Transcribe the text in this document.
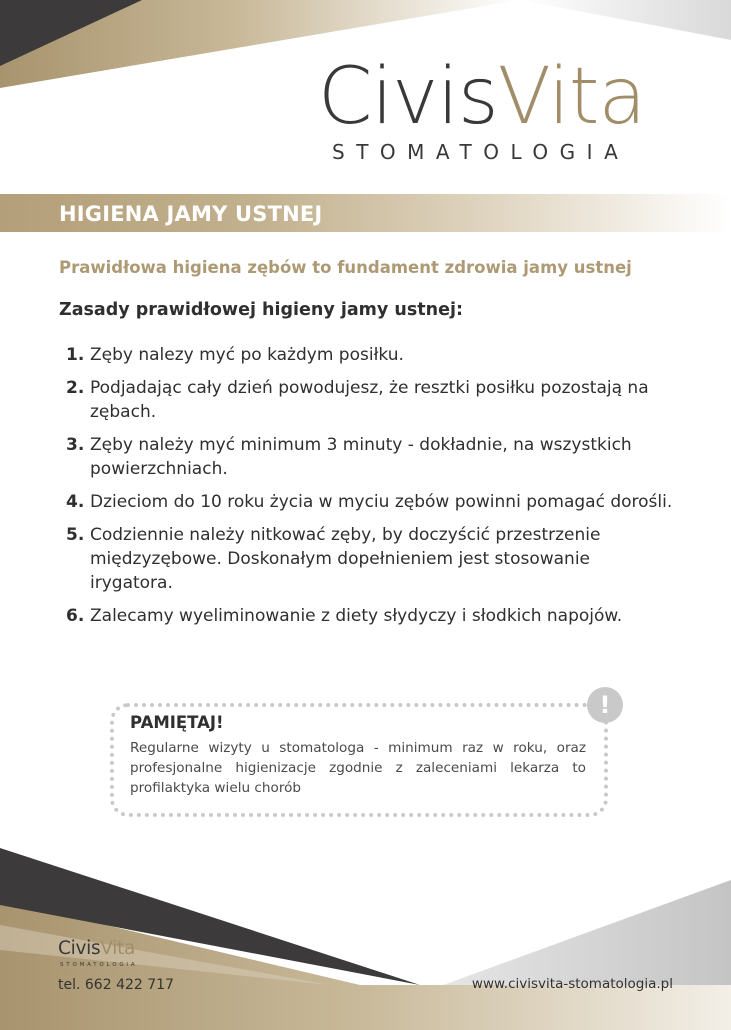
CivisVita
STOMATOLOGIA
HIGIENA JAMY USTNEJ
Prawidłowa higiena zębów to fundament zdrowia jamy ustnej
Zasady prawidłowej higieny jamy ustnej:
1. Zęby nalezy myć po każdym posiłku.
2. Podjadając cały dzień powodujesz, że resztki posiłku pozostają na zębach.
3. Zęby należy myć minimum 3 minuty - dokładnie, na wszystkich powierzchniach.
4. Dzieciom do 10 roku życia w myciu zębów powinni pomagać dorośli.
5. Codziennie należy nitkować zęby, by doczyścić przestrzenie międzyzębowe. Doskonałym dopełnieniem jest stosowanie irygatora.
6. Zalecamy wyeliminowanie z diety słydyczy i słodkich napojów.
!
PAMIĘTAJ!
Regularne wizyty u stomatologa - minimum raz w roku, oraz profesjonalne higienizacje zgodnie z zaleceniami lekarza to profilaktyka wielu chorób
CivisVita
STOMATOLOGIA
tel. 662 422 717	www.civisvita-stomatologia.pl
